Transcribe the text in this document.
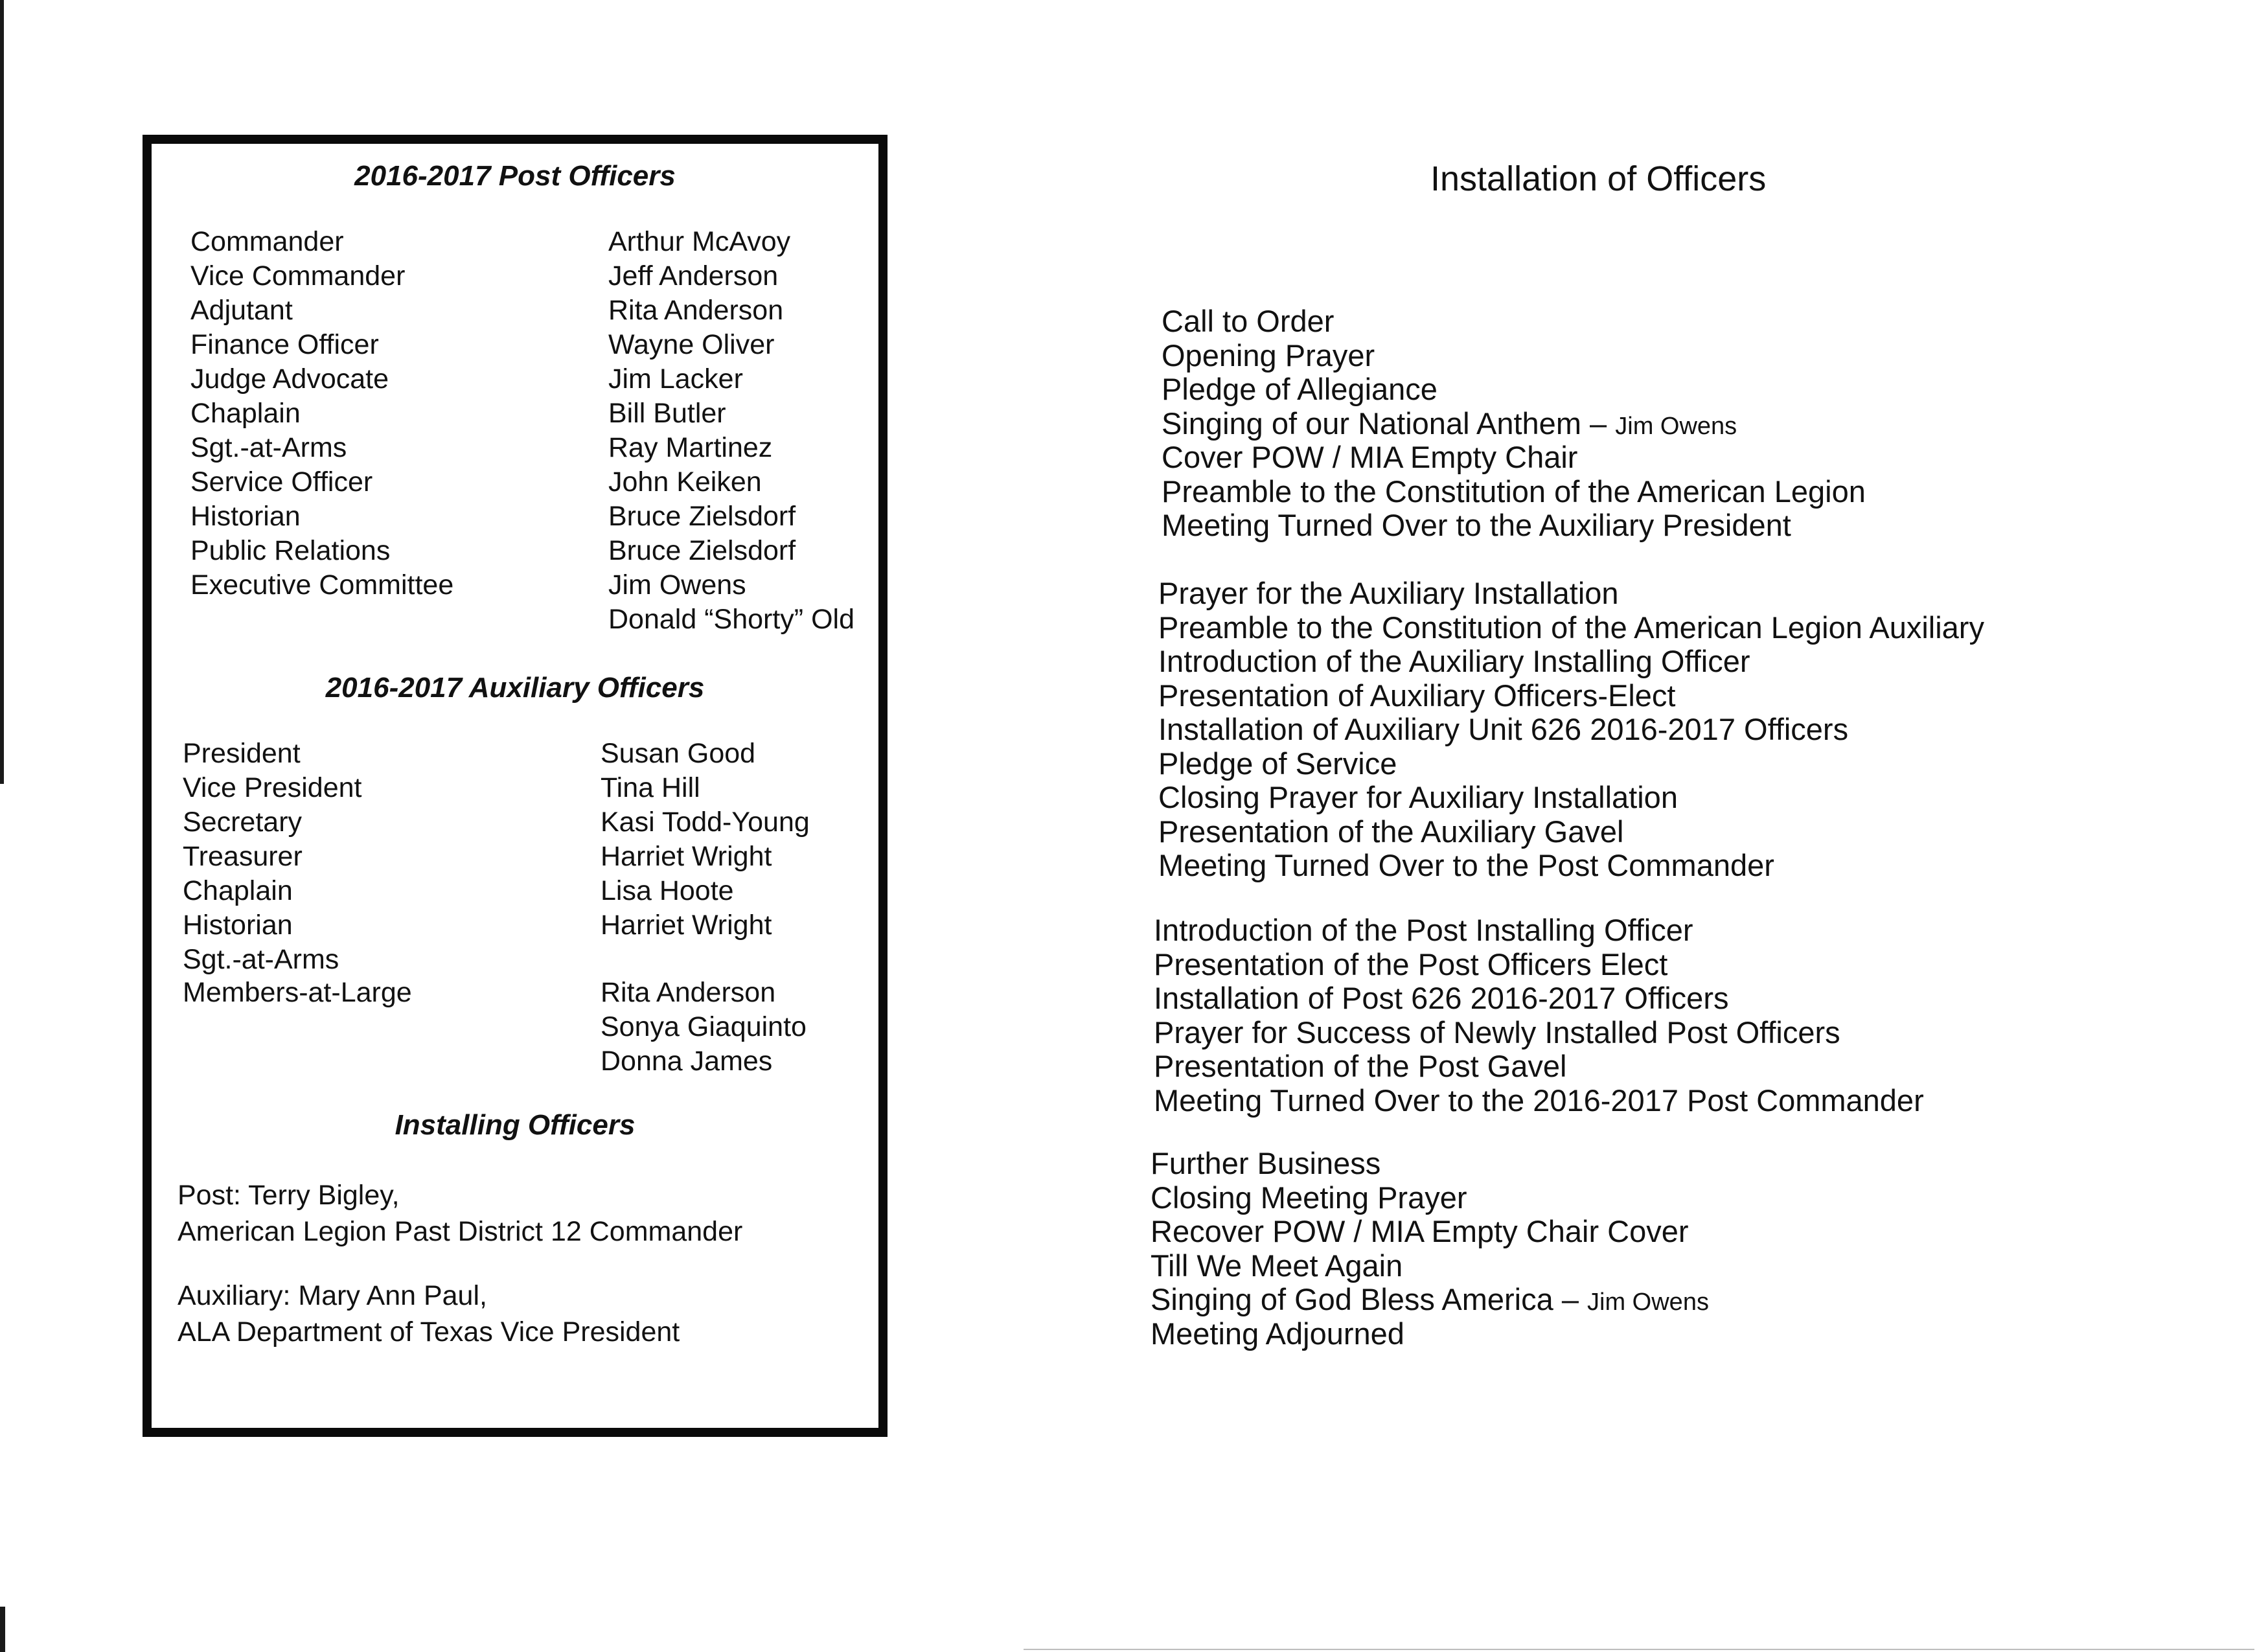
2016-2017 Post Officers
Commander	Arthur McAvoy
Vice Commander	Jeff Anderson
Adjutant	Rita Anderson
Finance Officer	Wayne Oliver
Judge Advocate	Jim Lacker
Chaplain	Bill Butler
Sgt.-at-Arms	Ray Martinez
Service Officer	John Keiken
Historian	Bruce Zielsdorf
Public Relations	Bruce Zielsdorf
Executive Committee	Jim Owens
Donald “Shorty” Old
2016-2017 Auxiliary Officers
President	Susan Good
Vice President	Tina Hill
Secretary	Kasi Todd-Young
Treasurer	Harriet Wright
Chaplain	Lisa Hoote
Historian	Harriet Wright
Sgt.-at-Arms
Members-at-Large	Rita Anderson
Sonya Giaquinto
Donna James
Installing Officers
Post: Terry Bigley,
American Legion Past District 12 Commander
Auxiliary: Mary Ann Paul,
ALA Department of Texas Vice President
Installation of Officers
Call to Order
Opening Prayer
Pledge of Allegiance
Singing of our National Anthem – Jim Owens
Cover POW / MIA Empty Chair
Preamble to the Constitution of the American Legion
Meeting Turned Over to the Auxiliary President
Prayer for the Auxiliary Installation
Preamble to the Constitution of the American Legion Auxiliary
Introduction of the Auxiliary Installing Officer
Presentation of Auxiliary Officers-Elect
Installation of Auxiliary Unit 626 2016-2017 Officers
Pledge of Service
Closing Prayer for Auxiliary Installation
Presentation of the Auxiliary Gavel
Meeting Turned Over to the Post Commander
Introduction of the Post Installing Officer
Presentation of the Post Officers Elect
Installation of Post 626 2016-2017 Officers
Prayer for Success of Newly Installed Post Officers
Presentation of the Post Gavel
Meeting Turned Over to the 2016-2017 Post Commander
Further Business
Closing Meeting Prayer
Recover POW / MIA Empty Chair Cover
Till We Meet Again
Singing of God Bless America – Jim Owens
Meeting Adjourned
